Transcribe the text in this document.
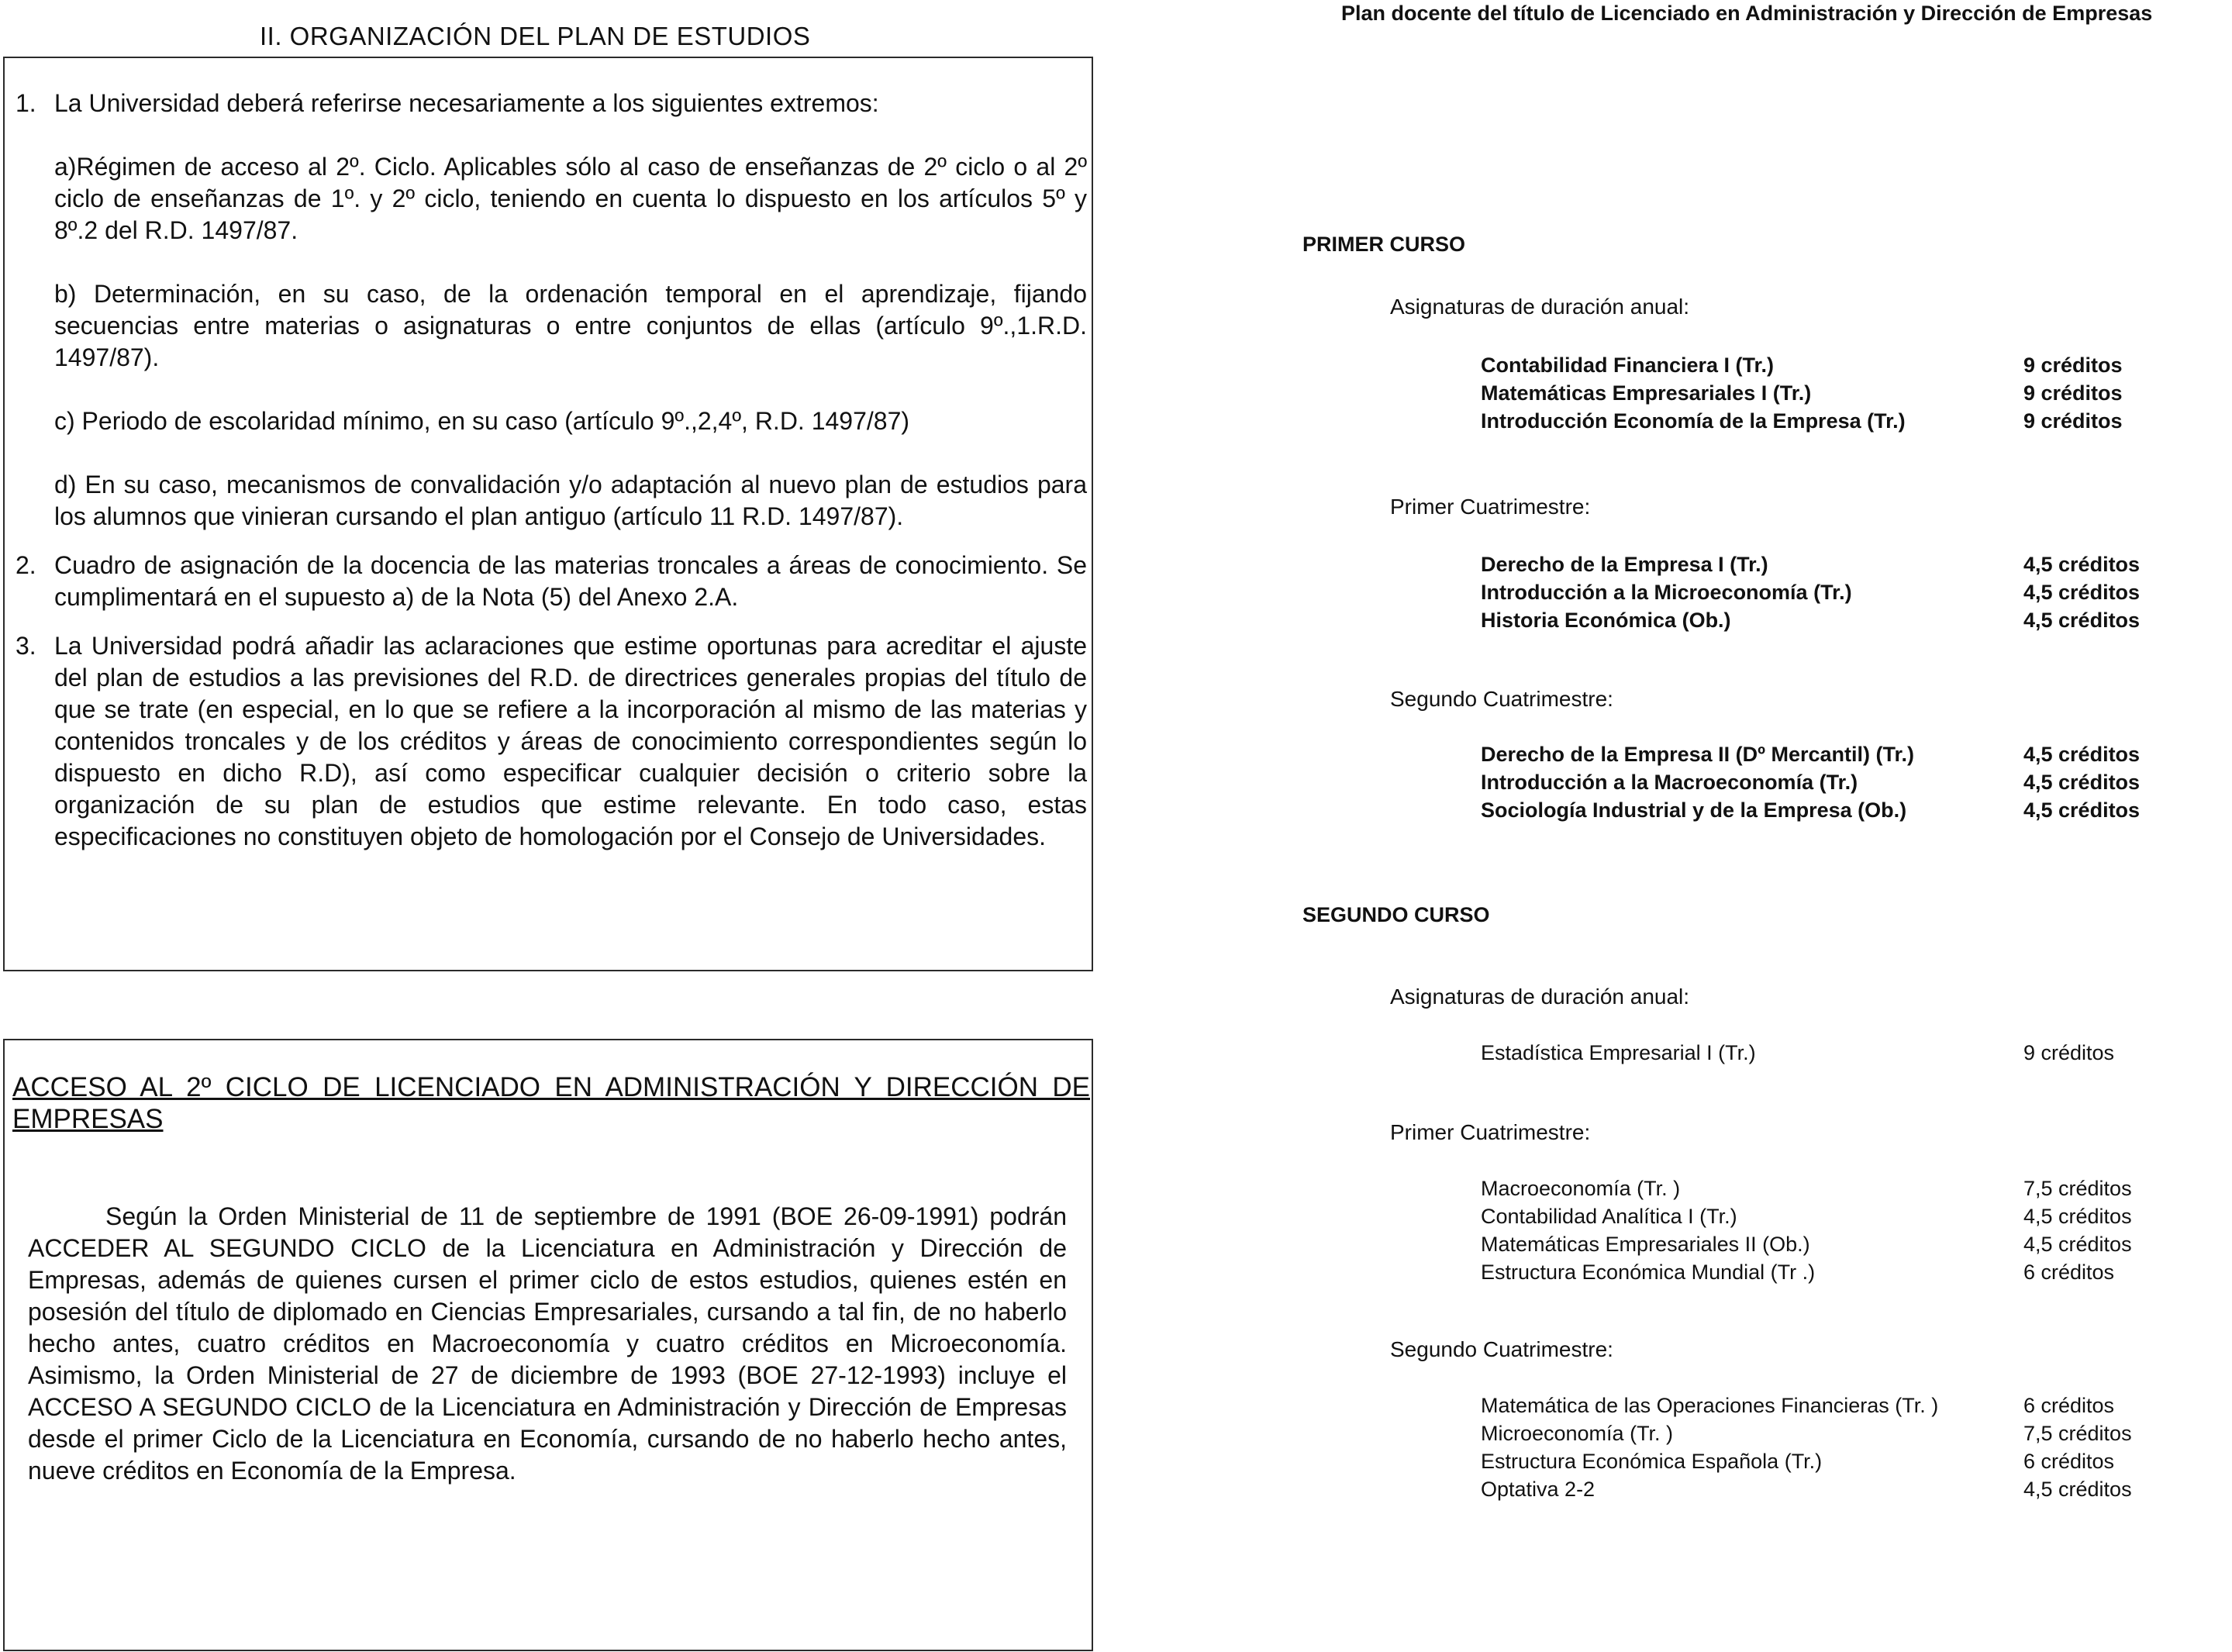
II. ORGANIZACIÓN DEL PLAN DE ESTUDIOS
1. La Universidad deberá referirse necesariamente a los siguientes extremos:

a)Régimen de acceso al 2º. Ciclo. Aplicables sólo al caso de enseñanzas de 2º ciclo o al 2º ciclo de enseñanzas de 1º. y 2º ciclo, teniendo en cuenta lo dispuesto en los artículos 5º y 8º.2 del R.D. 1497/87.

b) Determinación, en su caso, de la ordenación temporal en el aprendizaje, fijando secuencias entre materias o asignaturas o entre conjuntos de ellas (artículo 9º.,1.R.D. 1497/87).

c) Periodo de escolaridad mínimo, en su caso (artículo 9º.,2,4º, R.D. 1497/87)

d) En su caso, mecanismos de convalidación y/o adaptación al nuevo plan de estudios para los alumnos que vinieran cursando el plan antiguo (artículo 11 R.D. 1497/87).

2. Cuadro de asignación de la docencia de las materias troncales a áreas de conocimiento. Se cumplimentará en el supuesto a) de la Nota (5) del Anexo 2.A.

3. La Universidad podrá añadir las aclaraciones que estime oportunas para acreditar el ajuste del plan de estudios a las previsiones del R.D. de directrices generales propias del título de que se trate (en especial, en lo que se refiere a la incorporación al mismo de las materias y contenidos troncales y de los créditos y áreas de conocimiento correspondientes según lo dispuesto en dicho R.D), así como especificar cualquier decisión o criterio sobre la organización de su plan de estudios que estime relevante. En todo caso, estas especificaciones no constituyen objeto de homologación por el Consejo de Universidades.

ACCESO AL 2º CICLO DE LICENCIADO EN ADMINISTRACIÓN Y DIRECCIÓN DE EMPRESAS

Según la Orden Ministerial de 11 de septiembre de 1991 (BOE 26-09-1991) podrán ACCEDER AL SEGUNDO CICLO de la Licenciatura en Administración y Dirección de Empresas, además de quienes cursen el primer ciclo de estos estudios, quienes estén en posesión del título de diplomado en Ciencias Empresariales, cursando a tal fin, de no haberlo hecho antes, cuatro créditos en Macroeconomía y cuatro créditos en Microeconomía. Asimismo, la Orden Ministerial de 27 de diciembre de 1993 (BOE 27-12-1993) incluye el ACCESO A SEGUNDO CICLO de la Licenciatura en Administración y Dirección de Empresas desde el primer Ciclo de la Licenciatura en Economía, cursando de no haberlo hecho antes, nueve créditos en Economía de la Empresa.

Plan docente del título de Licenciado en Administración y Dirección de Empresas
PRIMER CURSO
Asignaturas de duración anual:
Contabilidad Financiera I (Tr.)	9 créditos
Matemáticas Empresariales I (Tr.)	9 créditos
Introducción Economía de la Empresa (Tr.)	9 créditos
Primer Cuatrimestre:
Derecho de la Empresa I (Tr.)	4,5 créditos
Introducción a la Microeconomía (Tr.)	4,5 créditos
Historia Económica (Ob.)	4,5 créditos
Segundo Cuatrimestre:
Derecho de la Empresa II (Dº Mercantil) (Tr.)	4,5 créditos
Introducción a la Macroeconomía (Tr.)	4,5 créditos
Sociología Industrial y de la Empresa (Ob.)	4,5 créditos
SEGUNDO CURSO
Asignaturas de duración anual:
Estadística Empresarial I (Tr.)	9 créditos
Primer Cuatrimestre:
Macroeconomía (Tr. )	7,5 créditos
Contabilidad Analítica I (Tr.)	4,5 créditos
Matemáticas Empresariales II (Ob.)	4,5 créditos
Estructura Económica Mundial (Tr .)	6 créditos
Segundo Cuatrimestre:
Matemática de las Operaciones Financieras (Tr. )	6 créditos
Microeconomía (Tr. )	7,5 créditos
Estructura Económica Española (Tr.)	6 créditos
Optativa 2-2	4,5 créditos
